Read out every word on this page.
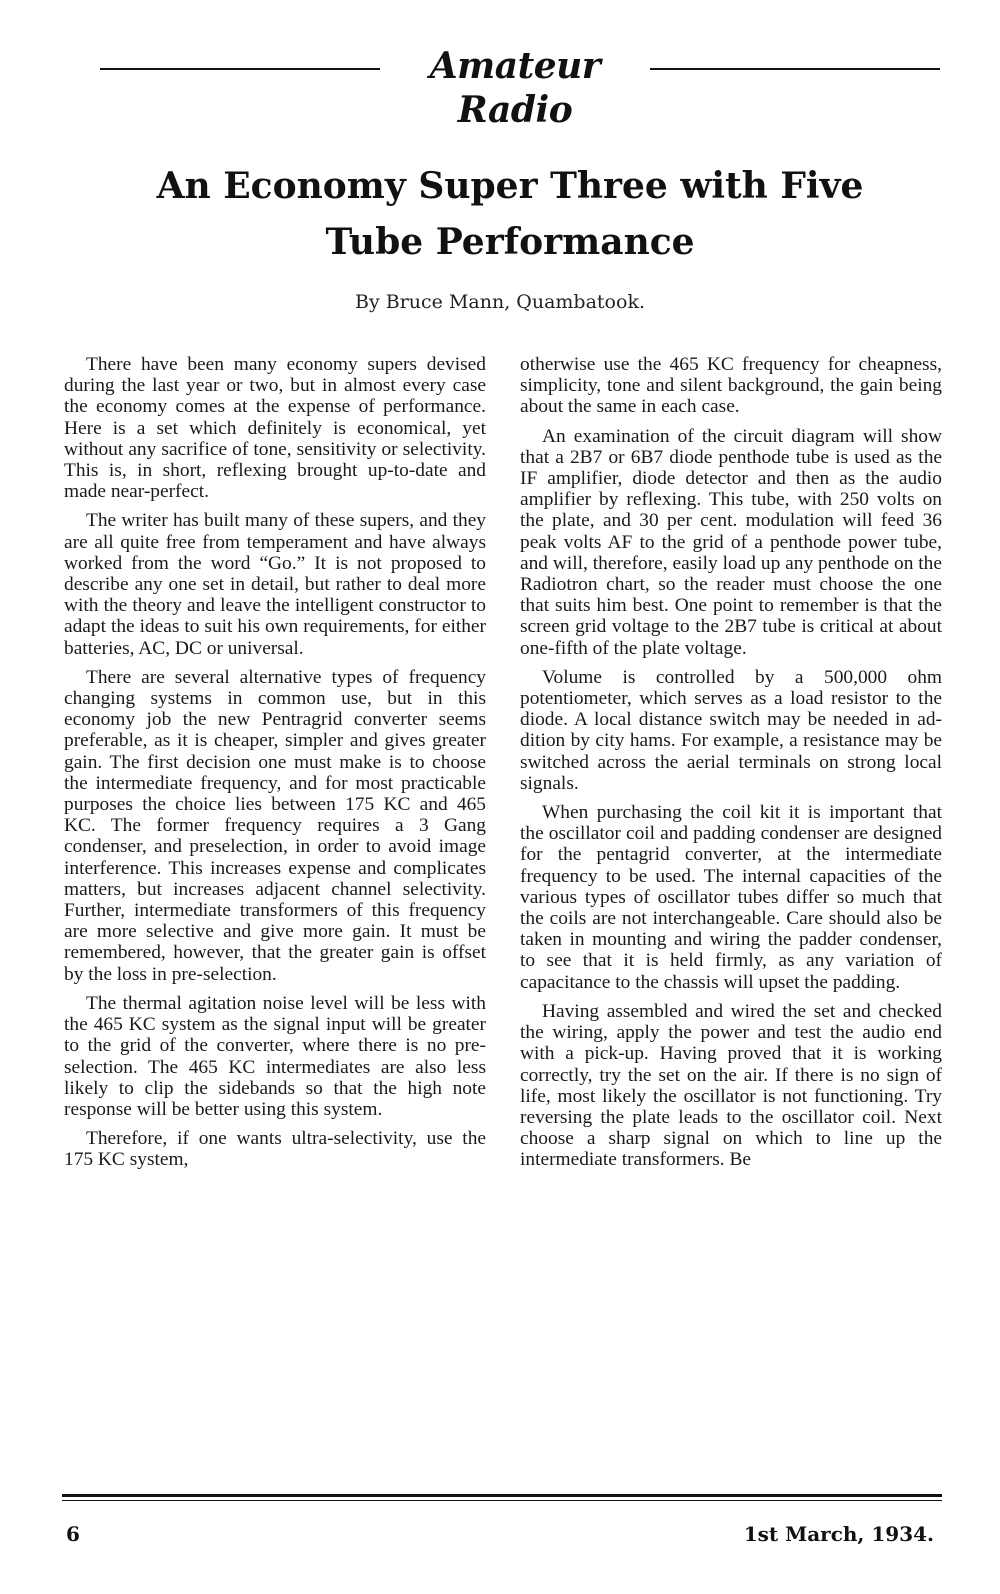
Amateur Radio
An Economy Super Three with Five Tube Performance
By Bruce Mann, Quambatook.

There have been many economy supers devised during the last year or two, but in almost every case the economy comes at the expense of performance. Here is a set which definitely is economical, yet without any sacrifice of tone, sensitivity or selectivity. This is, in short, reflexing brought up-to-date and made near-perfect.

The writer has built many of these supers, and they are all quite free from temperament and have always worked from the word “Go.” It is not proposed to describe any one set in detail, but rather to deal more with the theory and leave the intelligent constructor to adapt the ideas to suit his own requirements, for either batteries, AC, DC or universal.

There are several alternative types of frequency changing systems in common use, but in this economy job the new Pentragrid converter seems preferable, as it is cheaper, simpler and gives greater gain. The first decision one must make is to choose the intermediate frequency, and for most practicable purposes the choice lies between 175 KC and 465 KC. The former frequency requires a 3 Gang condenser, and preselection, in order to avoid image interference. This increases expense and complicates matters, but increases adjacent channel selectivity. Further, intermediate transformers of this frequency are more selective and give more gain. It must be remembered, however, that the greater gain is offset by the loss in pre-selection.

The thermal agitation noise level will be less with the 465 KC system as the signal input will be greater to the grid of the converter, where there is no pre-selection. The 465 KC intermediates are also less likely to clip the sidebands so that the high note response will be better using this system.

Therefore, if one wants ultra-selectivity, use the 175 KC system,

otherwise use the 465 KC frequency for cheapness, simplicity, tone and silent background, the gain being about the same in each case.

An examination of the circuit diagram will show that a 2B7 or 6B7 diode penthode tube is used as the IF amplifier, diode detector and then as the audio amplifier by reflexing. This tube, with 250 volts on the plate, and 30 per cent. modulation will feed 36 peak volts AF to the grid of a penthode power tube, and will, therefore, easily load up any penthode on the Radiotron chart, so the reader must choose the one that suits him best. One point to remember is that the screen grid voltage to the 2B7 tube is critical at about one-fifth of the plate voltage.

Volume is controlled by a 500,000 ohm potentiometer, which serves as a load resistor to the diode. A local distance switch may be needed in addition by city hams. For example, a resistance may be switched across the aerial terminals on strong local signals.

When purchasing the coil kit it is important that the oscillator coil and padding condenser are designed for the pentagrid converter, at the intermediate frequency to be used. The internal capacities of the various types of oscillator tubes differ so much that the coils are not interchangeable. Care should also be taken in mounting and wiring the padder condenser, to see that it is held firmly, as any variation of capacitance to the chassis will upset the padding.

Having assembled and wired the set and checked the wiring, apply the power and test the audio end with a pick-up. Having proved that it is working correctly, try the set on the air. If there is no sign of life, most likely the oscillator is not functioning. Try reversing the plate leads to the oscillator coil. Next choose a sharp signal on which to line up the intermediate transformers. Be

6	1st March, 1934.
